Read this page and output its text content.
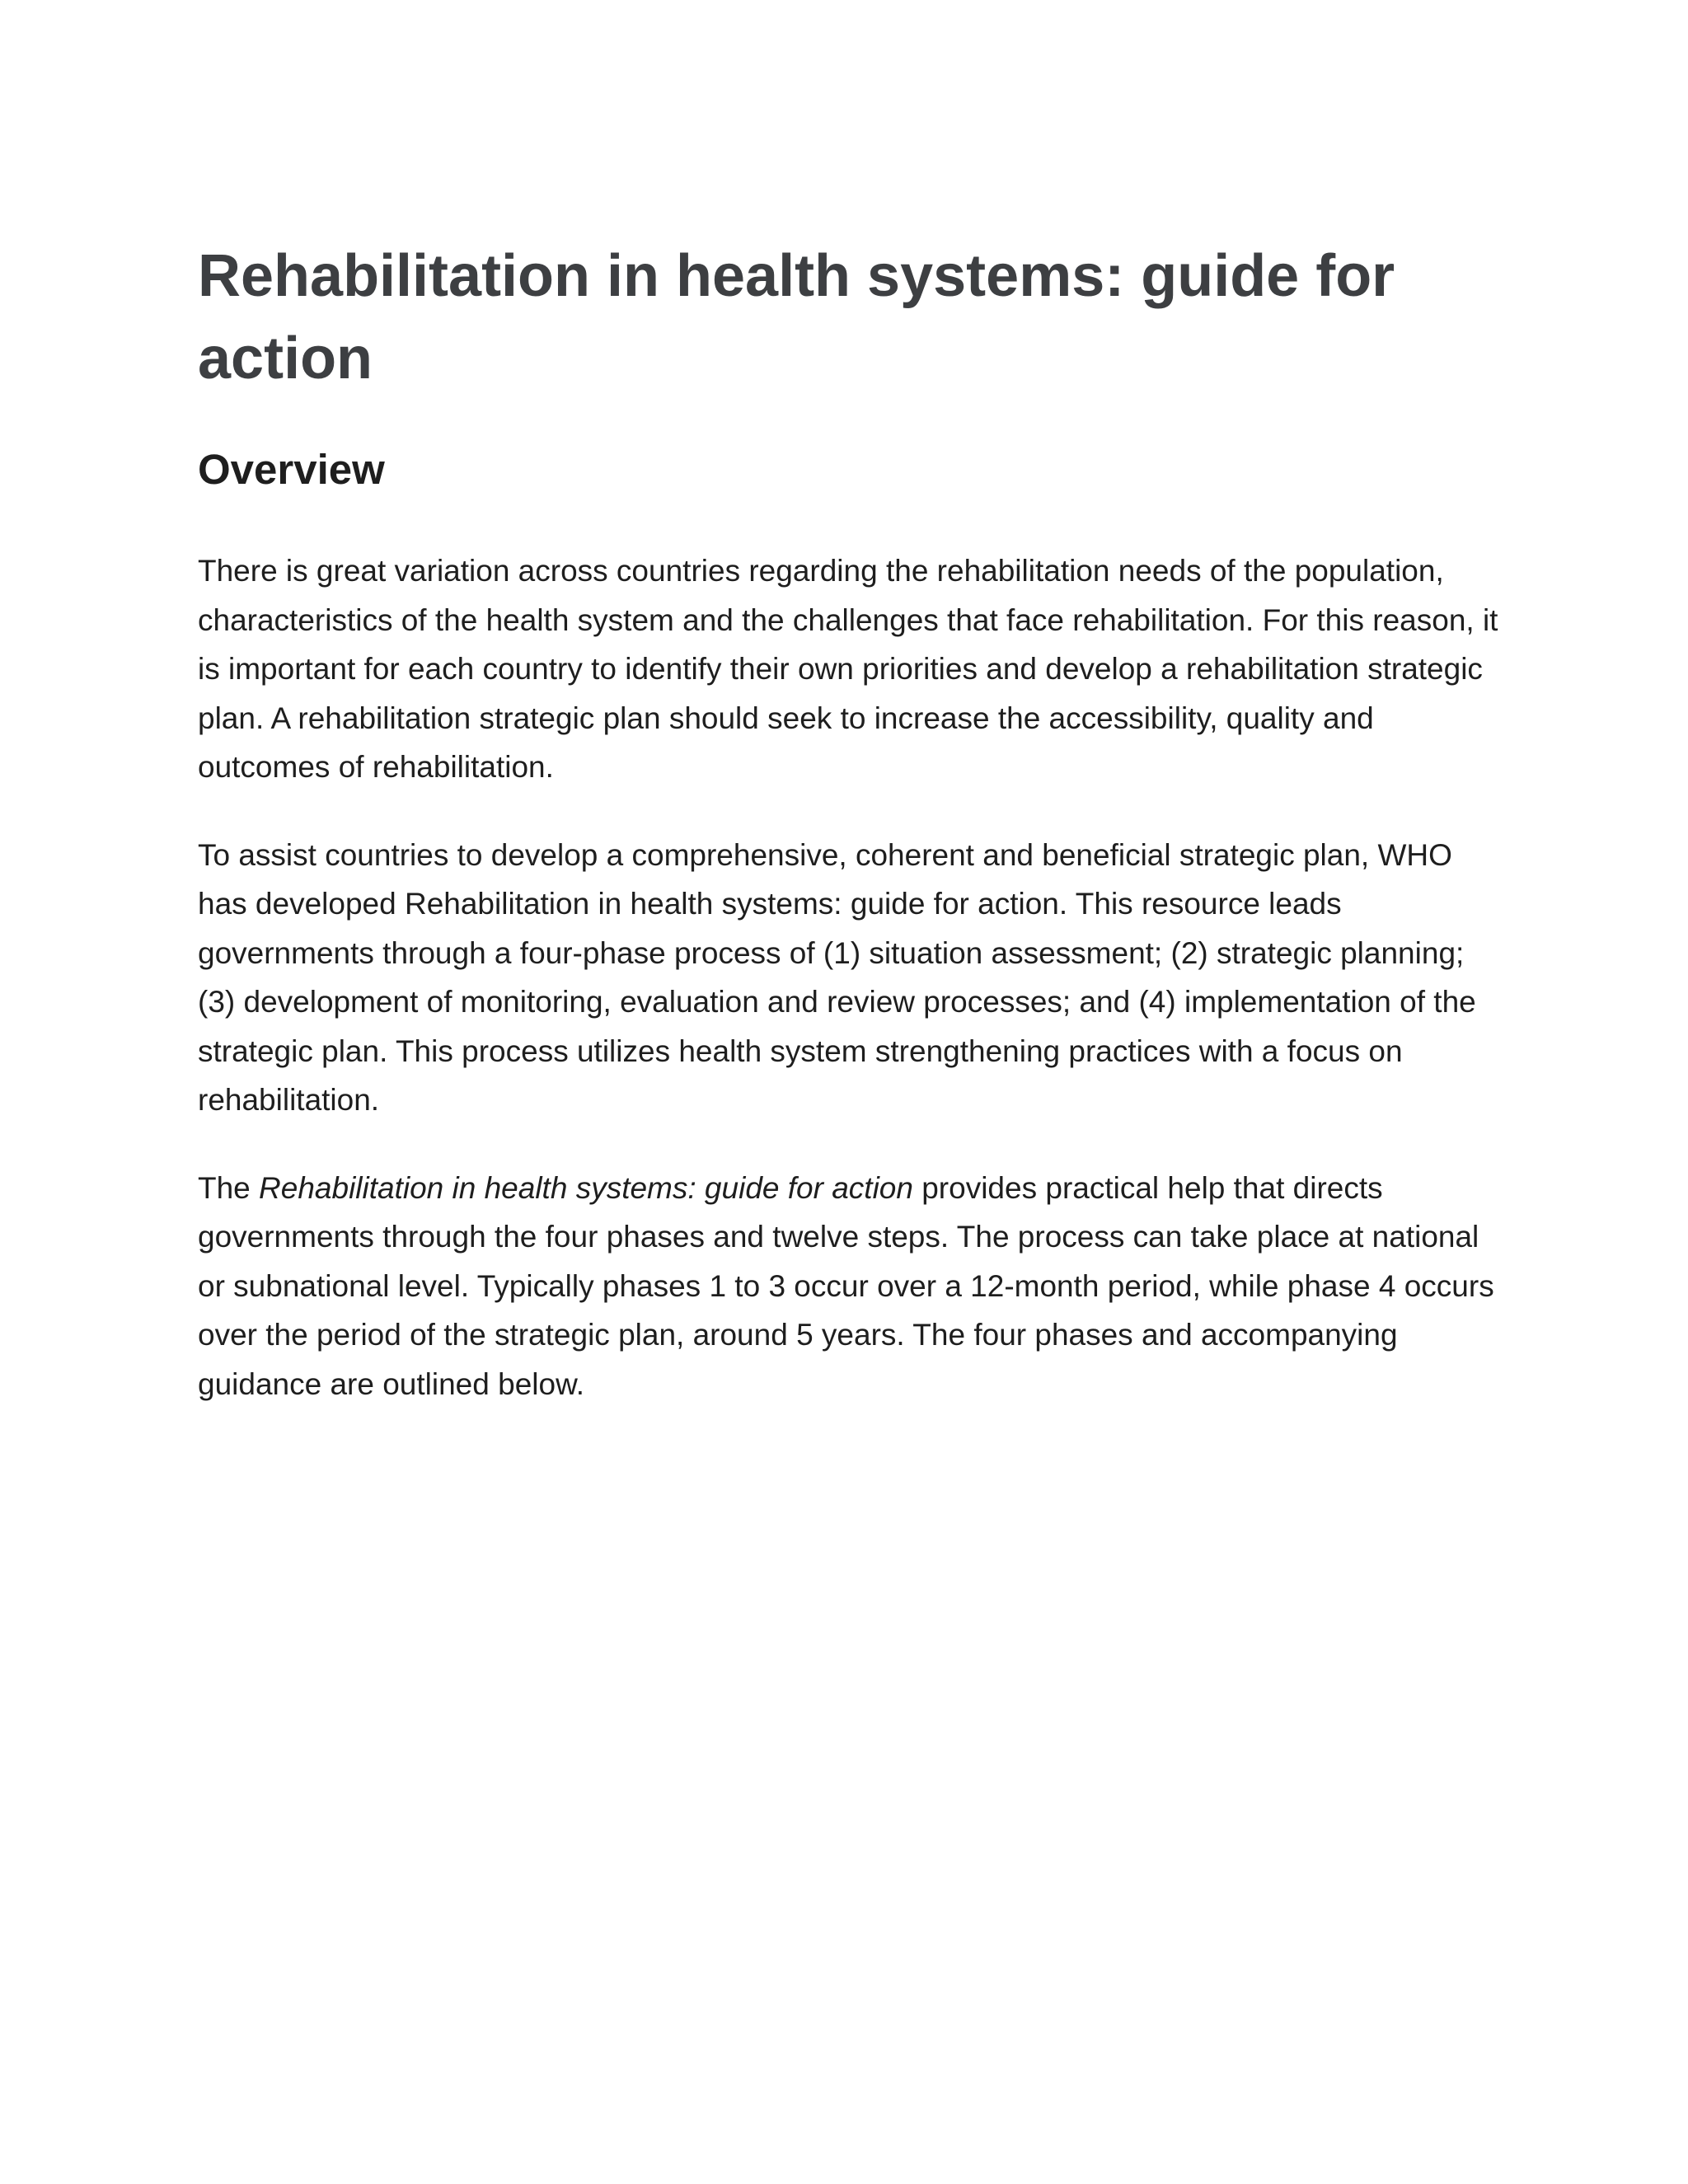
Rehabilitation in health systems: guide for action
Overview

There is great variation across countries regarding the rehabilitation needs of the population, characteristics of the health system and the challenges that face rehabilitation. For this reason, it is important for each country to identify their own priorities and develop a rehabilitation strategic plan. A rehabilitation strategic plan should seek to increase the accessibility, quality and outcomes of rehabilitation.

To assist countries to develop a comprehensive, coherent and beneficial strategic plan, WHO has developed Rehabilitation in health systems: guide for action. This resource leads governments through a four-phase process of (1) situation assessment; (2) strategic planning; (3) development of monitoring, evaluation and review processes; and (4) implementation of the strategic plan. This process utilizes health system strengthening practices with a focus on rehabilitation.

The Rehabilitation in health systems: guide for action provides practical help that directs governments through the four phases and twelve steps. The process can take place at national or subnational level. Typically phases 1 to 3 occur over a 12-month period, while phase 4 occurs over the period of the strategic plan, around 5 years. The four phases and accompanying guidance are outlined below.
